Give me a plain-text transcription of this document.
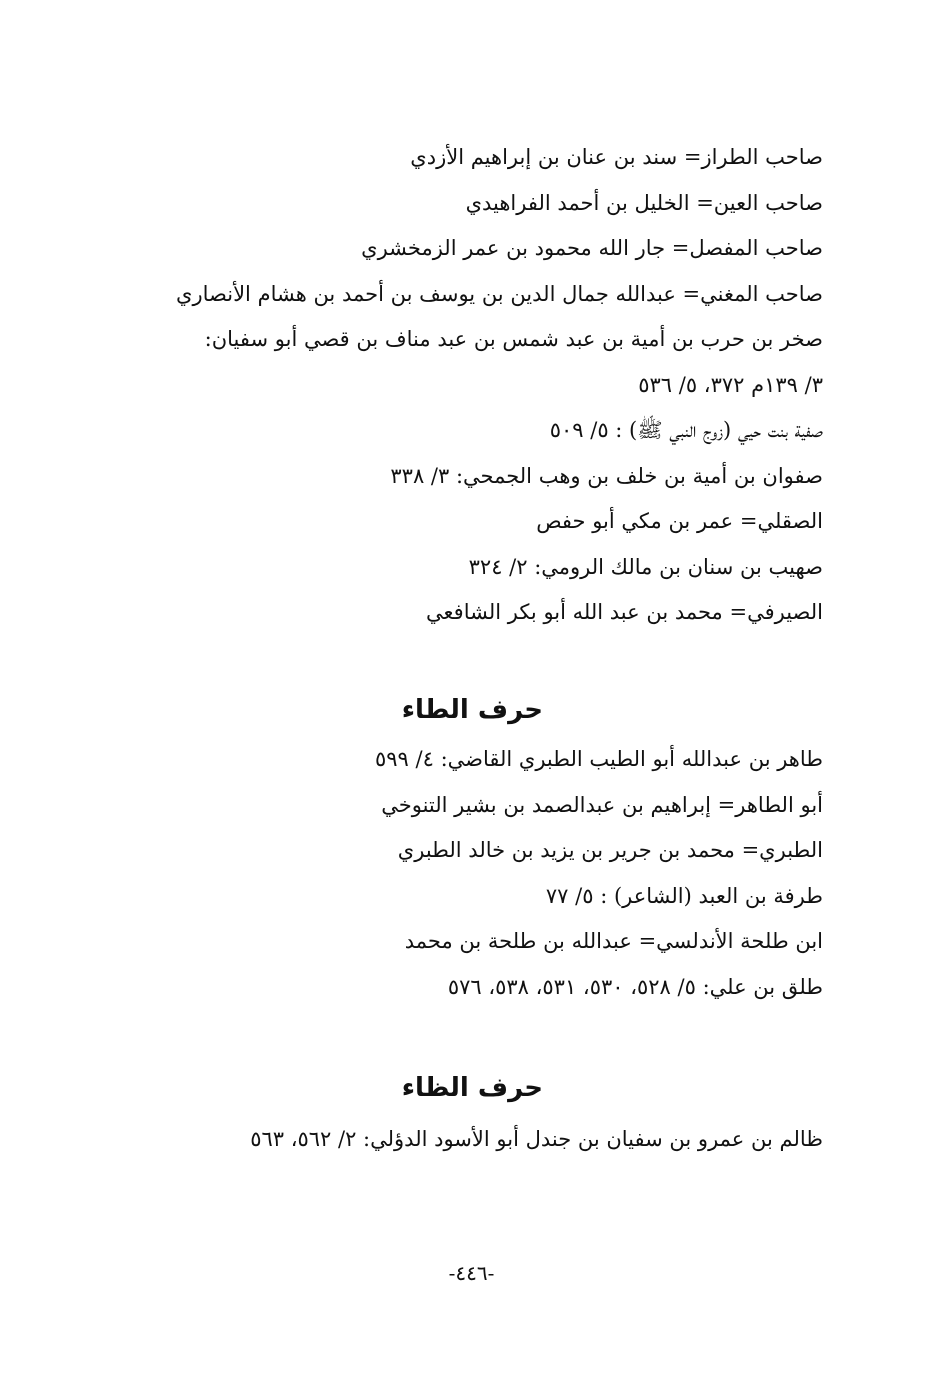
صاحب الطراز= سند بن عنان بن إبراهيم الأزدي
صاحب العين= الخليل بن أحمد الفراهيدي
صاحب المفصل= جار الله محمود بن عمر الزمخشري
صاحب المغني= عبدالله جمال الدين بن يوسف بن أحمد بن هشام الأنصاري
صخر بن حرب بن أمية بن عبد شمس بن عبد مناف بن قصي أبو سفيان:
٣/ ١٣٩م ٣٧٢، ٥/ ٥٣٦
صفية بنت حيي (زوج النبي ﷺ) : ٥/ ٥٠٩
صفوان بن أمية بن خلف بن وهب الجمحي: ٣/ ٣٣٨
الصقلي= عمر بن مكي أبو حفص
صهيب بن سنان بن مالك الرومي: ٢/ ٣٢٤
الصيرفي= محمد بن عبد الله أبو بكر الشافعي
حرف الطاء
طاهر بن عبدالله أبو الطيب الطبري القاضي: ٤/ ٥٩٩
أبو الطاهر= إبراهيم بن عبدالصمد بن بشير التنوخي
الطبري= محمد بن جرير بن يزيد بن خالد الطبري
طرفة بن العبد (الشاعر) : ٥/ ٧٧
ابن طلحة الأندلسي= عبدالله بن طلحة بن محمد
طلق بن علي: ٥/ ٥٢٨، ٥٣٠، ٥٣١، ٥٣٨، ٥٧٦
حرف الظاء
ظالم بن عمرو بن سفيان بن جندل أبو الأسود الدؤلي: ٢/ ٥٦٢، ٥٦٣
-٤٤٦-
